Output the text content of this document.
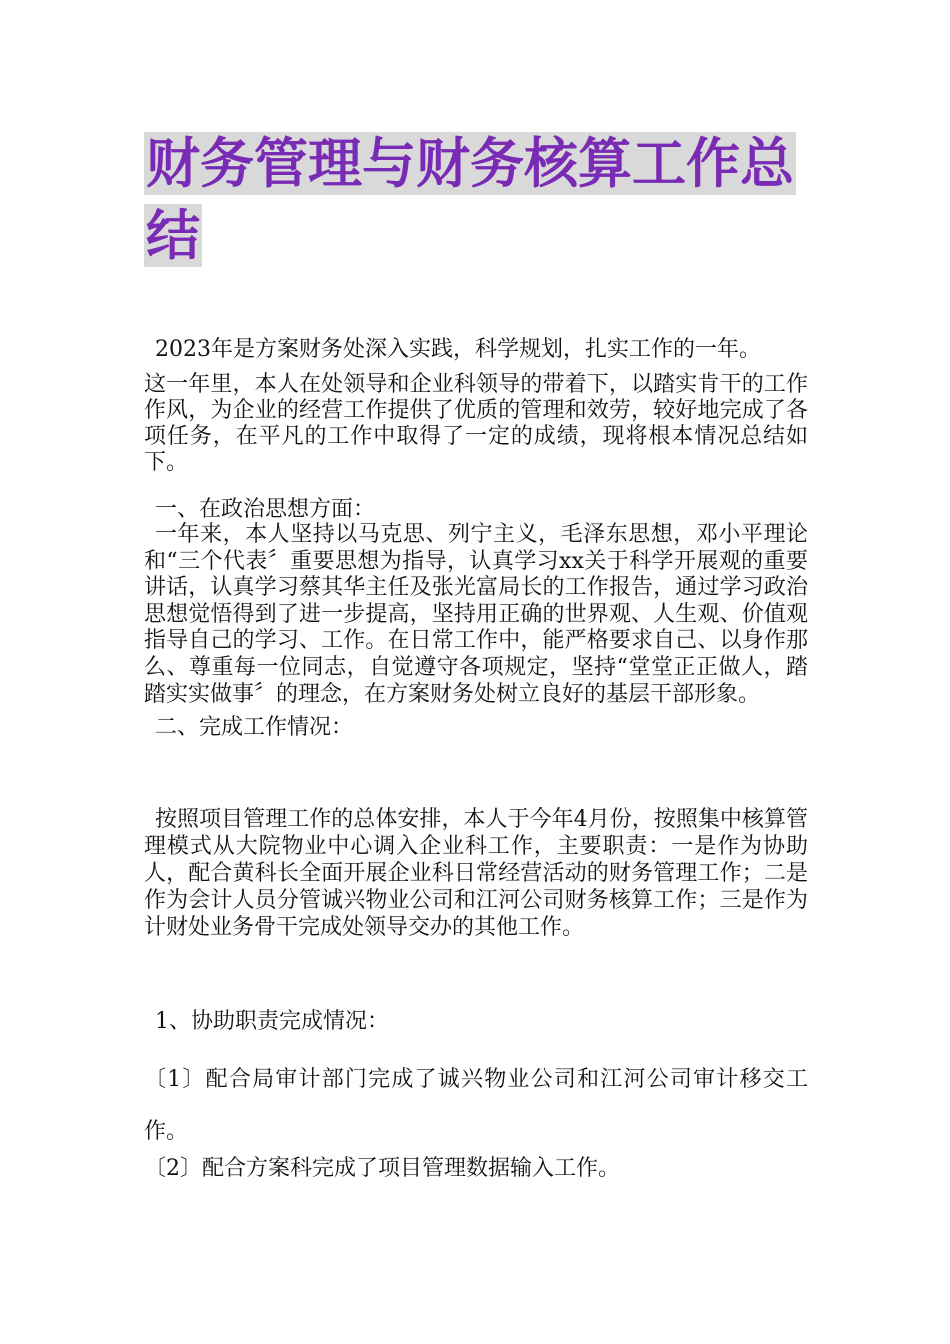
财务管理与财务核算工作总结

2023年是方案财务处深入实践，科学规划，扎实工作的一年。

这一年里，本人在处领导和企业科领导的带着下，以踏实肯干的工作作风，为企业的经营工作提供了优质的管理和效劳，较好地完成了各项任务，在平凡的工作中取得了一定的成绩，现将根本情况总结如下。

一、在政治思想方面：

一年来，本人坚持以马克思、列宁主义，毛泽东思想，邓小平理论和“三个代表〞重要思想为指导，认真学习xx关于科学开展观的重要讲话，认真学习蔡其华主任及张光富局长的工作报告，通过学习政治思想觉悟得到了进一步提高，坚持用正确的世界观、人生观、价值观指导自己的学习、工作。在日常工作中，能严格要求自己、以身作那么、尊重每一位同志，自觉遵守各项规定，坚持“堂堂正正做人，踏踏实实做事〞的理念，在方案财务处树立良好的基层干部形象。

二、完成工作情况：

按照项目管理工作的总体安排，本人于今年4月份，按照集中核算管理模式从大院物业中心调入企业科工作，主要职责：一是作为协助人，配合黄科长全面开展企业科日常经营活动的财务管理工作；二是作为会计人员分管诚兴物业公司和江河公司财务核算工作；三是作为计财处业务骨干完成处领导交办的其他工作。

1、协助职责完成情况：

〔1〕配合局审计部门完成了诚兴物业公司和江河公司审计移交工作。

〔2〕配合方案科完成了项目管理数据输入工作。
